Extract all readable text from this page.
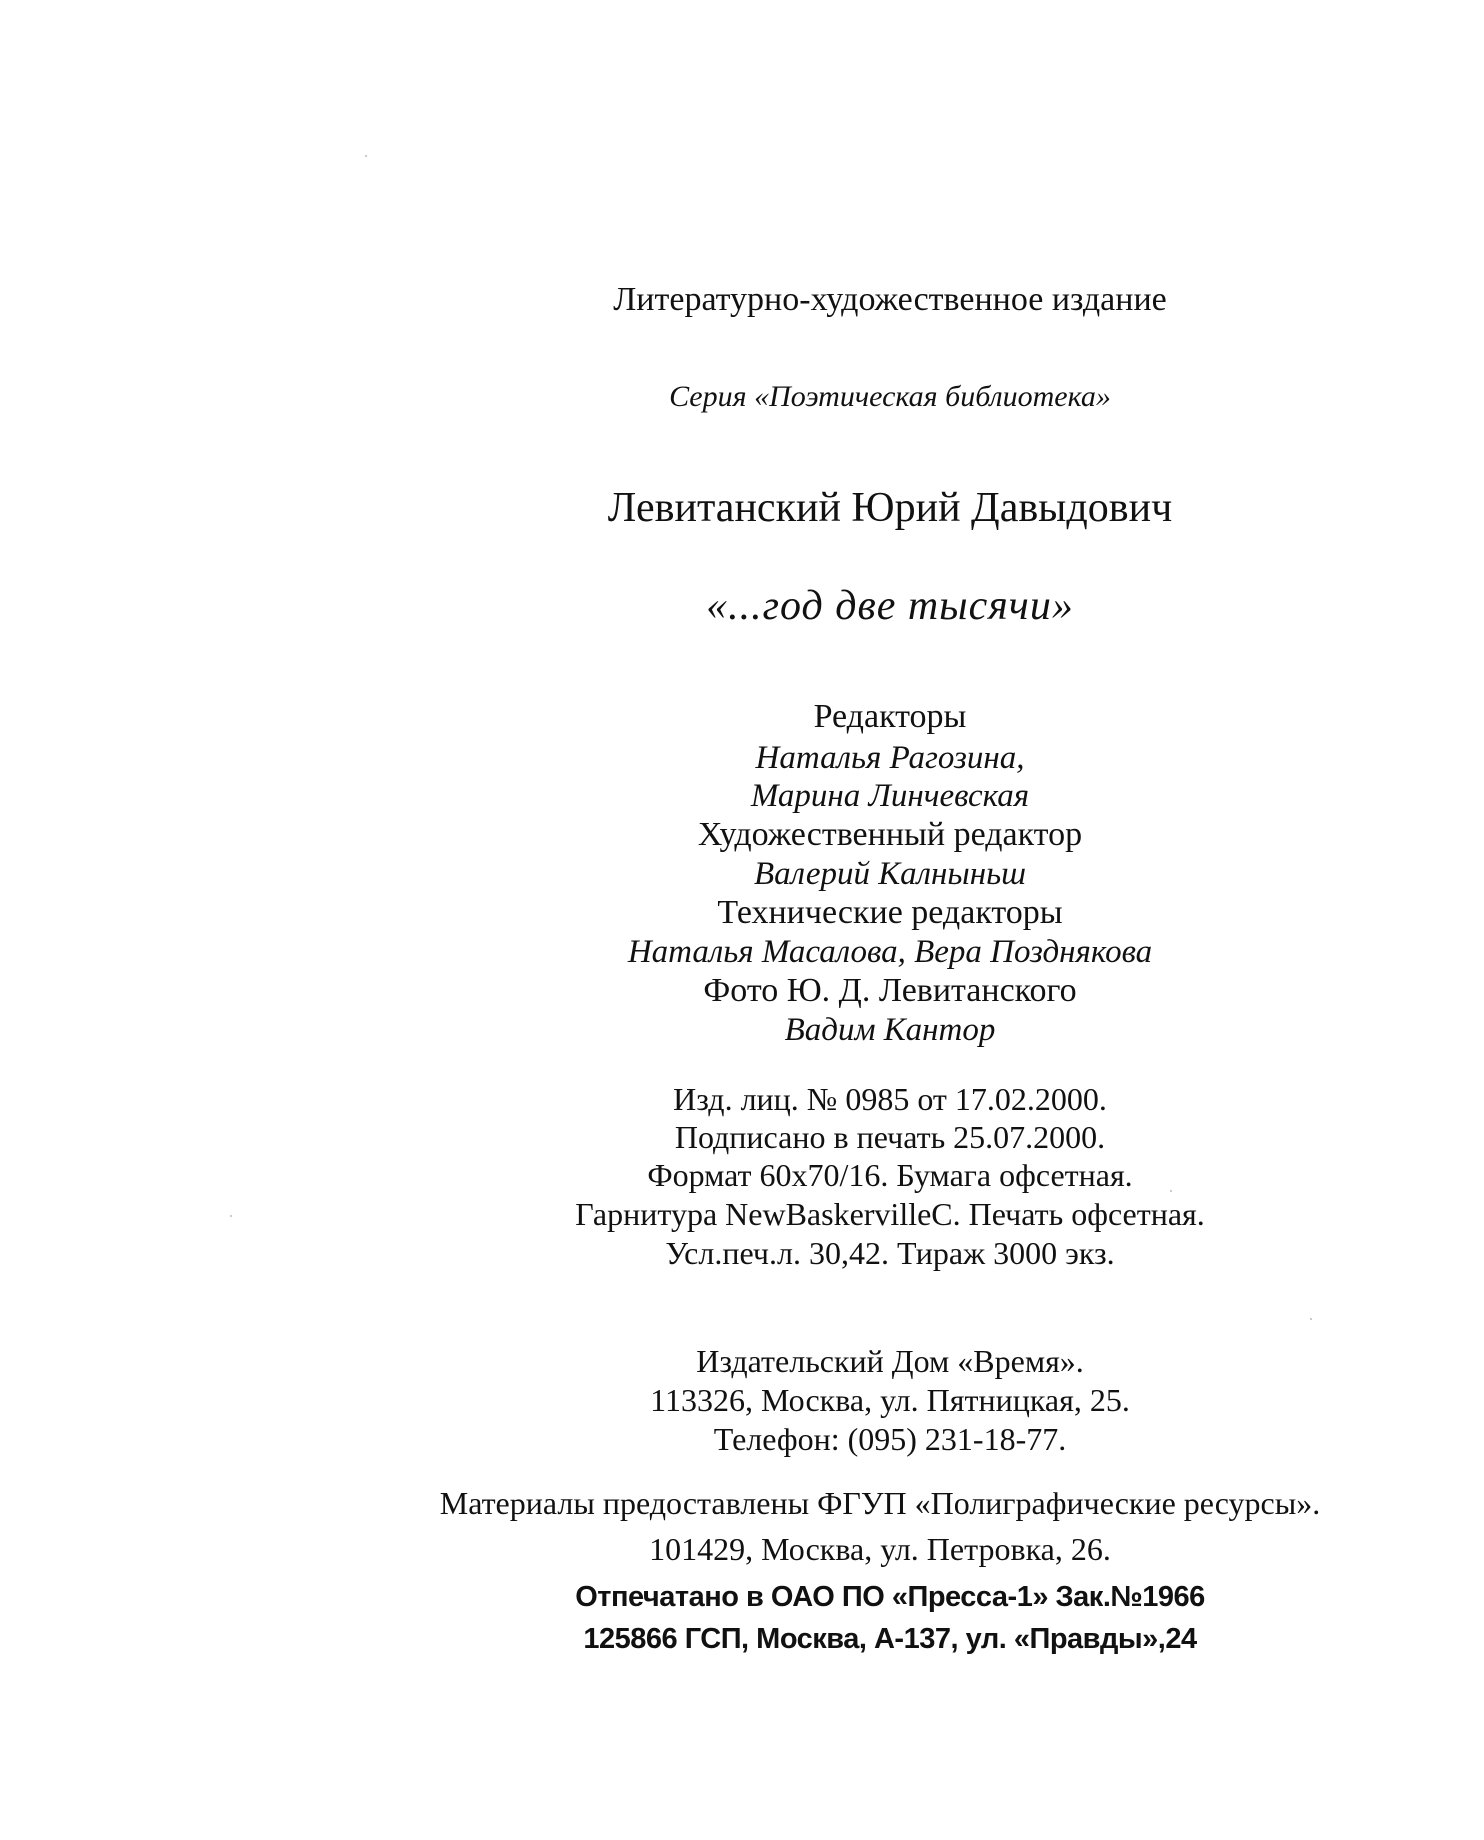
Литературно-художественное издание
Серия «Поэтическая библиотека»
Левитанский Юрий Давыдович
«...год две тысячи»
Редакторы
Наталья Рагозина,
Марина Линчевская
Художественный редактор
Валерий Калныньш
Технические редакторы
Наталья Масалова, Вера Позднякова
Фото Ю. Д. Левитанского
Вадим Кантор
Изд. лиц. № 0985 от 17.02.2000.
Подписано в печать 25.07.2000.
Формат 60х70/16. Бумага офсетная.
Гарнитура NewBaskervilleC. Печать офсетная.
Усл.печ.л. 30,42. Тираж 3000 экз.
Издательский Дом «Время».
113326, Москва, ул. Пятницкая, 25.
Телефон: (095) 231-18-77.
Материалы предоставлены ФГУП «Полиграфические ресурсы».
101429, Москва, ул. Петровка, 26.
Отпечатано в ОАО ПО «Пресса-1» Зак.№1966
125866 ГСП, Москва, А-137, ул. «Правды»,24
